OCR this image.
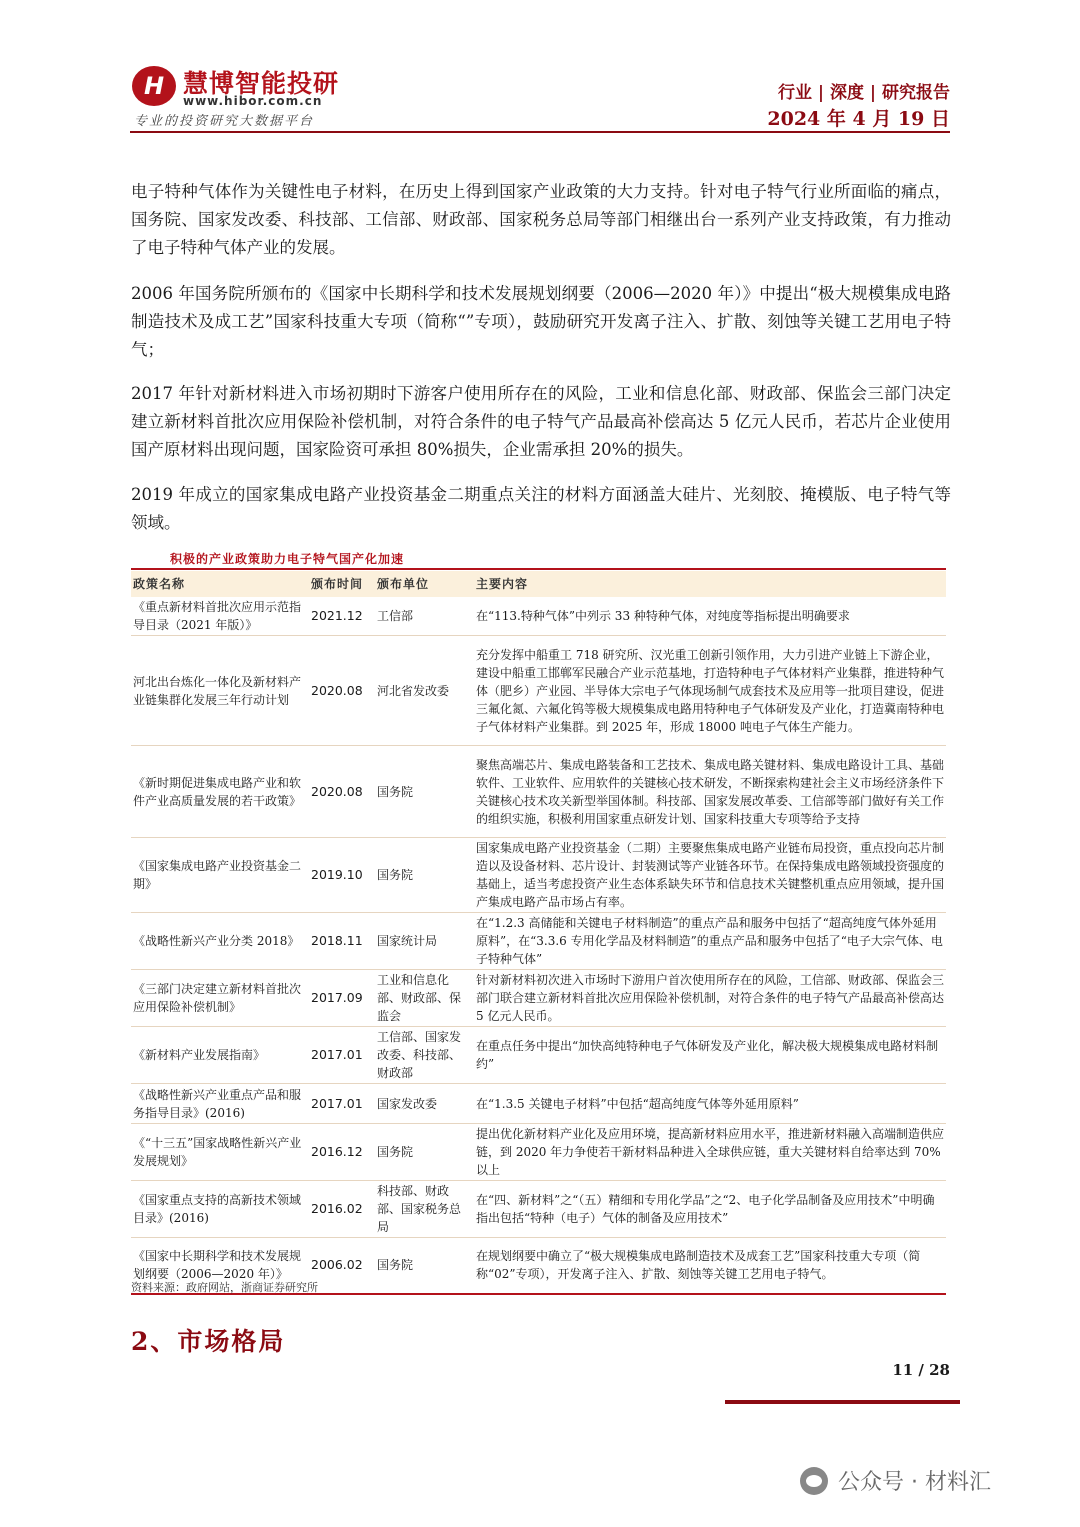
H 慧博智能投研
www.hibor.com.cn
专业的投资研究大数据平台
行业 | 深度 | 研究报告
2024 年 4 月 19 日
电子特种气体作为关键性电子材料，在历史上得到国家产业政策的大力支持。针对电子特气行业所面临的痛点，国务院、国家发改委、科技部、工信部、财政部、国家税务总局等部门相继出台一系列产业支持政策，有力推动了电子特种气体产业的发展。
2006 年国务院所颁布的《国家中长期科学和技术发展规划纲要（2006—2020 年）》中提出“极大规模集成电路制造技术及成工艺”国家科技重大专项（简称“”专项），鼓励研究开发离子注入、扩散、刻蚀等关键工艺用电子特气；
2017 年针对新材料进入市场初期时下游客户使用所存在的风险，工业和信息化部、财政部、保监会三部门决定建立新材料首批次应用保险补偿机制，对符合条件的电子特气产品最高补偿高达 5 亿元人民币，若芯片企业使用国产原材料出现问题，国家险资可承担 80%损失，企业需承担 20%的损失。
2019 年成立的国家集成电路产业投资基金二期重点关注的材料方面涵盖大硅片、光刻胶、掩模版、电子特气等领域。
积极的产业政策助力电子特气国产化加速
政策名称	颁布时间	颁布单位	主要内容
《重点新材料首批次应用示范指导目录（2021 年版）》	2021.12	工信部	在“113.特种气体”中列示 33 种特种气体，对纯度等指标提出明确要求
河北出台炼化一体化及新材料产业链集群化发展三年行动计划	2020.08	河北省发改委	充分发挥中船重工 718 研究所、汉光重工创新引领作用，大力引进产业链上下游企业，建设中船重工邯郸军民融合产业示范基地，打造特种电子气体材料产业集群，推进特种气体（肥乡）产业园、半导体大宗电子气体现场制气成套技术及应用等一批项目建设，促进三氟化氮、六氟化钨等极大规模集成电路用特种电子气体研发及产业化，打造冀南特种电子气体材料产业集群。到 2025 年，形成 18000 吨电子气体生产能力。
《新时期促进集成电路产业和软件产业高质量发展的若干政策》	2020.08	国务院	聚焦高端芯片、集成电路装备和工艺技术、集成电路关键材料、集成电路设计工具、基础软件、工业软件、应用软件的关键核心技术研发，不断探索构建社会主义市场经济条件下关键核心技术攻关新型举国体制。科技部、国家发展改革委、工信部等部门做好有关工作的组织实施，积极利用国家重点研发计划、国家科技重大专项等给予支持
《国家集成电路产业投资基金二期》	2019.10	国务院	国家集成电路产业投资基金（二期）主要聚焦集成电路产业链布局投资，重点投向芯片制造以及设备材料、芯片设计、封装测试等产业链各环节。在保持集成电路领域投资强度的基础上，适当考虑投资产业生态体系缺失环节和信息技术关键整机重点应用领域，提升国产集成电路产品市场占有率。
《战略性新兴产业分类 2018》	2018.11	国家统计局	在“1.2.3 高储能和关键电子材料制造”的重点产品和服务中包括了“超高纯度气体外延用原料”，在“3.3.6 专用化学品及材料制造”的重点产品和服务中包括了“电子大宗气体、电子特种气体”
《三部门决定建立新材料首批次应用保险补偿机制》	2017.09	工业和信息化部、财政部、保监会	针对新材料初次进入市场时下游用户首次使用所存在的风险，工信部、财政部、保监会三部门联合建立新材料首批次应用保险补偿机制，对符合条件的电子特气产品最高补偿高达 5 亿元人民币。
《新材料产业发展指南》	2017.01	工信部、国家发改委、科技部、财政部	在重点任务中提出“加快高纯特种电子气体研发及产业化，解决极大规模集成电路材料制约”
《战略性新兴产业重点产品和服务指导目录》(2016)	2017.01	国家发改委	在“1.3.5 关键电子材料”中包括“超高纯度气体等外延用原料”
《“十三五”国家战略性新兴产业发展规划》	2016.12	国务院	提出优化新材料产业化及应用环境，提高新材料应用水平，推进新材料融入高端制造供应链，到 2020 年力争使若干新材料品种进入全球供应链，重大关键材料自给率达到 70%以上
《国家重点支持的高新技术领域目录》(2016)	2016.02	科技部、财政部、国家税务总局	在“四、新材料”之“（五）精细和专用化学品”之“2、电子化学品制备及应用技术”中明确指出包括“特种（电子）气体的制备及应用技术”
《国家中长期科学和技术发展规划纲要（2006—2020 年）》	2006.02	国务院	在规划纲要中确立了“极大规模集成电路制造技术及成套工艺”国家科技重大专项（简称“02”专项），开发离子注入、扩散、刻蚀等关键工艺用电子特气。
资料来源：政府网站，浙商证券研究所
2、市场格局
11 / 28
公众号 · 材料汇
